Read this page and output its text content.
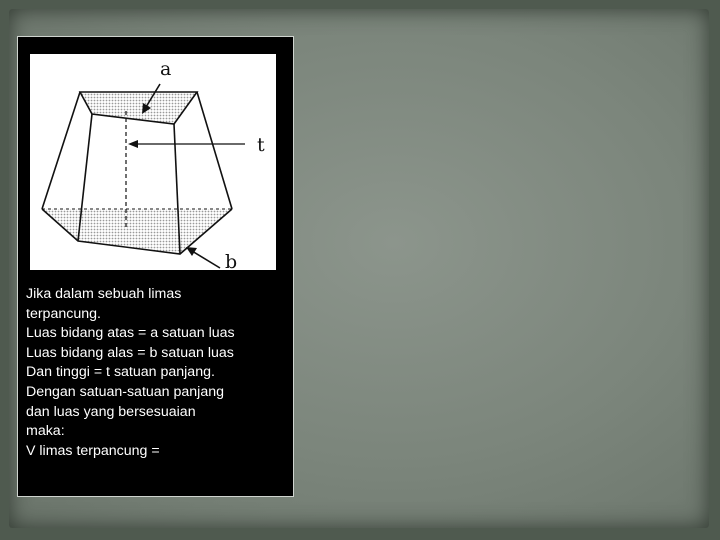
a
t
b
Jika dalam sebuah limas
terpancung.
Luas bidang atas = a satuan luas
Luas bidang alas = b satuan luas
Dan tinggi = t satuan panjang.
Dengan satuan-satuan panjang
dan luas yang bersesuaian
maka:
V limas terpancung =
